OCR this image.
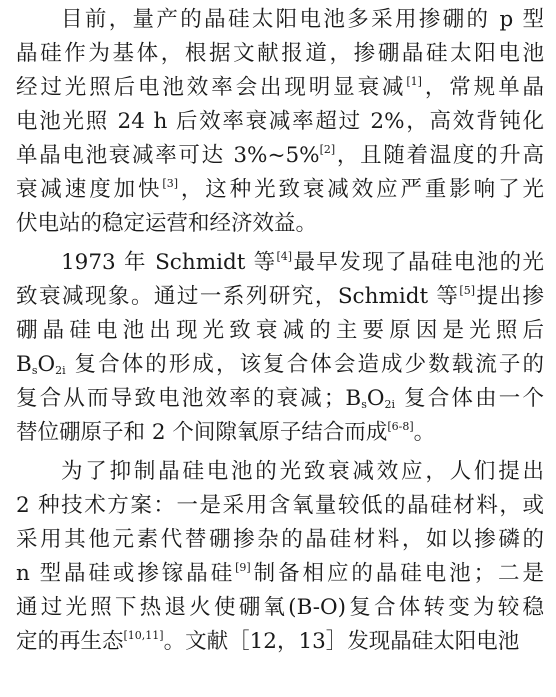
目前，量产的晶硅太阳电池多采用掺硼的 p 型
晶硅作为基体，根据文献报道，掺硼晶硅太阳电池
经过光照后电池效率会出现明显衰减[1]，常规单晶
电池光照 24 h 后效率衰减率超过 2%，高效背钝化
单晶电池衰减率可达 3%~5%[2]，且随着温度的升高
衰减速度加快[3]，这种光致衰减效应严重影响了光
伏电站的稳定运营和经济效益。
1973 年 Schmidt 等[4]最早发现了晶硅电池的光
致衰减现象。通过一系列研究，Schmidt 等[5]提出掺
硼晶硅电池出现光致衰减的主要原因是光照后
$B_sO_{2i}$ 复合体的形成，该复合体会造成少数载流子的
复合从而导致电池效率的衰减；$B_sO_{2i}$ 复合体由一个
替位硼原子和 2 个间隙氧原子结合而成[6-8]。
为了抑制晶硅电池的光致衰减效应，人们提出
2 种技术方案：一是采用含氧量较低的晶硅材料，或
采用其他元素代替硼掺杂的晶硅材料，如以掺磷的
n 型晶硅或掺镓晶硅[9]制备相应的晶硅电池；二是
通过光照下热退火使硼氧(B-O)复合体转变为较稳
定的再生态[10,11]。文献［12，13］发现晶硅太阳电池
